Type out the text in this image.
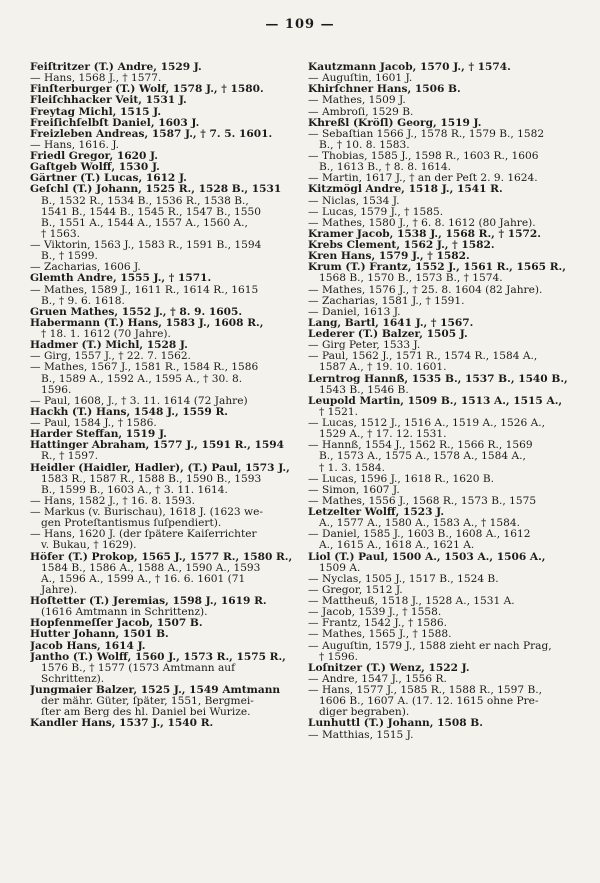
— 109 —
Feiſtritzer (T.) Andre, 1529 J.
— Hans, 1568 J., † 1577.
Finſterburger (T.) Wolf, 1578 J., † 1580.
Fleiſchhacker Veit, 1531 J.
Freytag Michl, 1515 J.
Freiſichſelbſt Daniel, 1603 J.
Freizleben Andreas, 1587 J., † 7. 5. 1601.
— Hans, 1616. J.
Friedl Gregor, 1620 J.
Gaſtgeb Wolff, 1530 J.
Gärtner (T.) Lucas, 1612 J.
Geſchl (T.) Johann, 1525 R., 1528 B., 1531
B., 1532 R., 1534 B., 1536 R., 1538 B.,
1541 B., 1544 B., 1545 R., 1547 B., 1550
B., 1551 A., 1544 A., 1557 A., 1560 A.,
† 1563.
— Viktorin, 1563 J., 1583 R., 1591 B., 1594
B., † 1599.
— Zacharias, 1606 J.
Glemth Andre, 1555 J., † 1571.
— Mathes, 1589 J., 1611 R., 1614 R., 1615
B., † 9. 6. 1618.
Gruen Mathes, 1552 J., † 8. 9. 1605.
Habermann (T.) Hans, 1583 J., 1608 R.,
† 18. 1. 1612 (70 Jahre).
Hadmer (T.) Michl, 1528 J.
— Girg, 1557 J., † 22. 7. 1562.
— Mathes, 1567 J., 1581 R., 1584 R., 1586
B., 1589 A., 1592 A., 1595 A., † 30. 8.
1596.
— Paul, 1608, J., † 3. 11. 1614 (72 Jahre)
Hackh (T.) Hans, 1548 J., 1559 R.
— Paul, 1584 J., † 1586.
Harder Steffan, 1519 J.
Hattinger Abraham, 1577 J., 1591 R., 1594
R., † 1597.
Heidler (Haidler, Hadler), (T.) Paul, 1573 J.,
1583 R., 1587 R., 1588 B., 1590 B., 1593
B., 1599 B., 1603 A., † 3. 11. 1614.
— Hans, 1582 J., † 16. 8. 1593.
— Markus (v. Burischau), 1618 J. (1623 we-
gen Proteſtantismus ſuſpendiert).
— Hans, 1620 J. (der ſpätere Kaiſerrichter
v. Bukau, † 1629).
Höfer (T.) Prokop, 1565 J., 1577 R., 1580 R.,
1584 B., 1586 A., 1588 A., 1590 A., 1593
A., 1596 A., 1599 A., † 16. 6. 1601 (71
Jahre).
Hoſtetter (T.) Jeremias, 1598 J., 1619 R.
(1616 Amtmann in Schrittenz).
Hopfenmeſſer Jacob, 1507 B.
Hutter Johann, 1501 B.
Jacob Hans, 1614 J.
Jantho (T.) Wolff, 1560 J., 1573 R., 1575 R.,
1576 B., † 1577 (1573 Amtmann auf
Schrittenz).
Jungmaier Balzer, 1525 J., 1549 Amtmann
der mähr. Güter, ſpäter, 1551, Bergmei-
ſter am Berg des hl. Daniel bei Wurize.
Kandler Hans, 1537 J., 1540 R.
Kautzmann Jacob, 1570 J., † 1574.
— Auguſtin, 1601 J.
Khirſchner Hans, 1506 B.
— Mathes, 1509 J.
— Ambroſi, 1529 B.
Khreßl (Kröſl) Georg, 1519 J.
— Sebaſtian 1566 J., 1578 R., 1579 B., 1582
B., † 10. 8. 1583.
— Thobias, 1585 J., 1598 R., 1603 R., 1606
B., 1613 B., † 8. 8. 1614.
— Martin, 1617 J., † an der Peſt 2. 9. 1624.
Kitzmögl Andre, 1518 J., 1541 R.
— Niclas, 1534 J.
— Lucas, 1579 J., † 1585.
— Mathes, 1580 J., † 6. 8. 1612 (80 Jahre).
Kramer Jacob, 1538 J., 1568 R., † 1572.
Krebs Clement, 1562 J., † 1582.
Kren Hans, 1579 J., † 1582.
Krum (T.) Frantz, 1552 J., 1561 R., 1565 R.,
1568 B., 1570 B., 1573 B., † 1574.
— Mathes, 1576 J., † 25. 8. 1604 (82 Jahre).
— Zacharias, 1581 J., † 1591.
— Daniel, 1613 J.
Lang, Bartl, 1641 J., † 1567.
Lederer (T.) Balzer, 1505 J.
— Girg Peter, 1533 J.
— Paul, 1562 J., 1571 R., 1574 R., 1584 A.,
1587 A., † 19. 10. 1601.
Lerntrog Hannß, 1535 B., 1537 B., 1540 B.,
1543 B., 1546 B.
Leupold Martin, 1509 B., 1513 A., 1515 A.,
† 1521.
— Lucas, 1512 J., 1516 A., 1519 A., 1526 A.,
1529 A., † 17. 12. 1531.
— Hannß, 1554 J., 1562 R., 1566 R., 1569
B., 1573 A., 1575 A., 1578 A., 1584 A.,
† 1. 3. 1584.
— Lucas, 1596 J., 1618 R., 1620 B.
— Simon, 1607 J.
— Mathes, 1556 J., 1568 R., 1573 B., 1575
Letzelter Wolff, 1523 J.
A., 1577 A., 1580 A., 1583 A., † 1584.
— Daniel, 1585 J., 1603 B., 1608 A., 1612
A., 1615 A., 1618 A., 1621 A.
Liol (T.) Paul, 1500 A., 1503 A., 1506 A.,
1509 A.
— Nyclas, 1505 J., 1517 B., 1524 B.
— Gregor, 1512 J.
— Mattheuß, 1518 J., 1528 A., 1531 A.
— Jacob, 1539 J., † 1558.
— Frantz, 1542 J., † 1586.
— Mathes, 1565 J., † 1588.
— Auguſtin, 1579 J., 1588 zieht er nach Prag,
† 1596.
Loſnitzer (T.) Wenz, 1522 J.
— Andre, 1547 J., 1556 R.
— Hans, 1577 J., 1585 R., 1588 R., 1597 B.,
1606 B., 1607 A. (17. 12. 1615 ohne Pre-
diger begraben).
Lunhuttl (T.) Johann, 1508 B.
— Matthias, 1515 J.
